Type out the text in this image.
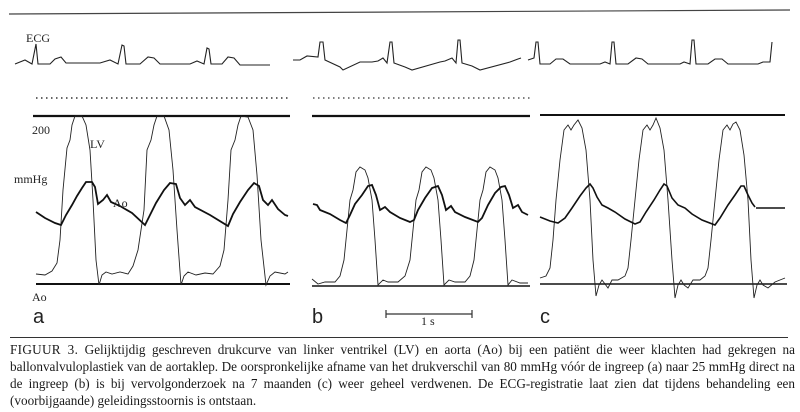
ECG
200
LV
mmHg
Ao
Ao
a	b	c
1 s
FIGUUR 3. Gelijktijdig geschreven drukcurve van linker ventrikel (LV) en aorta (Ao) bij een patiënt die weer klachten had gekregen na ballonvalvuloplastiek van de aortaklep. De oorspronkelijke afname van het drukverschil van 80 mmHg vóór de ingreep (a) naar 25 mmHg direct na de ingreep (b) is bij vervolgonderzoek na 7 maanden (c) weer geheel verdwenen. De ECG-registratie laat zien dat tijdens behandeling een (voorbijgaande) geleidingsstoornis is ontstaan.
